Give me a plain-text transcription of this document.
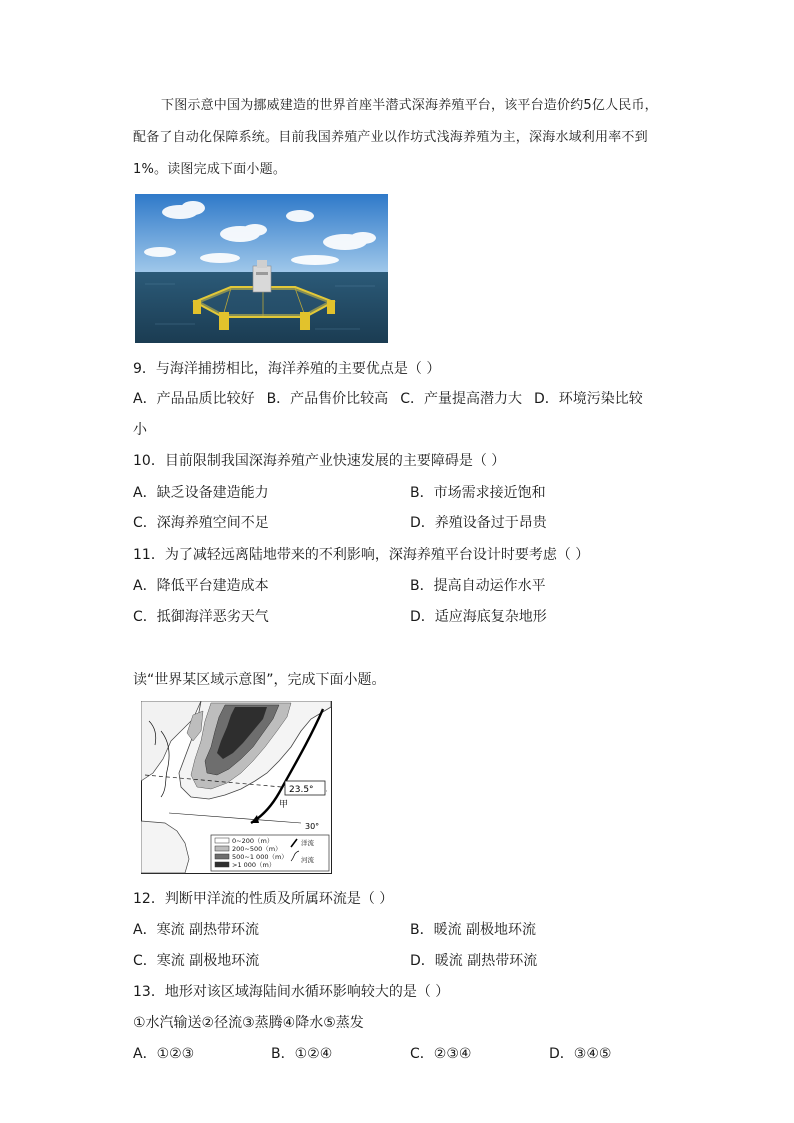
下图示意中国为挪威建造的世界首座半潜式深海养殖平台，该平台造价约5亿人民币，配备了自动化保障系统。目前我国养殖产业以作坊式浅海养殖为主，深海水域利用率不到1%。读图完成下面小题。
9．与海洋捕捞相比，海洋养殖的主要优点是（ ）
A．产品品质比较好 B．产品售价比较高 C．产量提高潜力大 D．环境污染比较
小
10．目前限制我国深海养殖产业快速发展的主要障碍是（ ）
A．缺乏设备建造能力	B．市场需求接近饱和
C．深海养殖空间不足	D．养殖设备过于昂贵
11．为了减轻远离陆地带来的不利影响，深海养殖平台设计时要考虑（ ）
A．降低平台建造成本	B．提高自动运作水平
C．抵御海洋恶劣天气	D．适应海底复杂地形
读“世界某区域示意图”，完成下面小题。
23.5°
30°
甲
0~200（m）
200~500（m）
500~1 000（m）
>1 000（m）
洋流
河流
12．判断甲洋流的性质及所属环流是（ ）
A．寒流 副热带环流	B．暖流 副极地环流
C．寒流 副极地环流	D．暖流 副热带环流
13．地形对该区域海陆间水循环影响较大的是（ ）
①水汽输送②径流③蒸腾④降水⑤蒸发
A．①②③	B．①②④	C．②③④	D．③④⑤
